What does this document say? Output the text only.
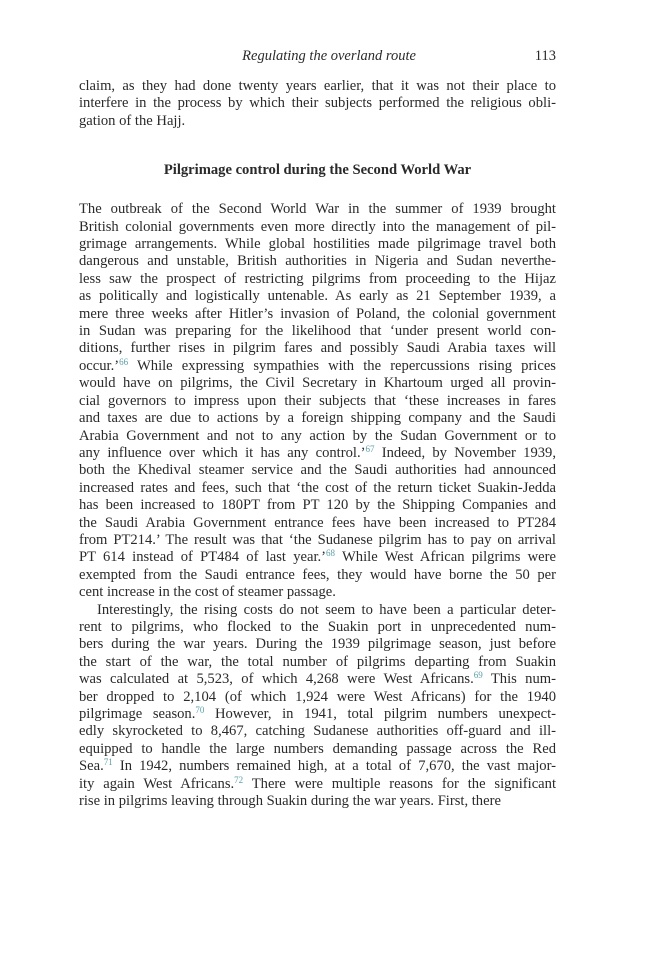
Regulating the overland route	113

claim, as they had done twenty years earlier, that it was not their place to
interfere in the process by which their subjects performed the religious obli-
gation of the Hajj.

Pilgrimage control during the Second World War

The outbreak of the Second World War in the summer of 1939 brought
British colonial governments even more directly into the management of pil-
grimage arrangements. While global hostilities made pilgrimage travel both
dangerous and unstable, British authorities in Nigeria and Sudan neverthe-
less saw the prospect of restricting pilgrims from proceeding to the Hijaz
as politically and logistically untenable. As early as 21 September 1939, a
mere three weeks after Hitler’s invasion of Poland, the colonial government
in Sudan was preparing for the likelihood that ‘under present world con-
ditions, further rises in pilgrim fares and possibly Saudi Arabia taxes will
occur.’$^{66}$ While expressing sympathies with the repercussions rising prices
would have on pilgrims, the Civil Secretary in Khartoum urged all provin-
cial governors to impress upon their subjects that ‘these increases in fares
and taxes are due to actions by a foreign shipping company and the Saudi
Arabia Government and not to any action by the Sudan Government or to
any influence over which it has any control.’$^{67}$ Indeed, by November 1939,
both the Khedival steamer service and the Saudi authorities had announced
increased rates and fees, such that ‘the cost of the return ticket Suakin-Jedda
has been increased to 180PT from PT 120 by the Shipping Companies and
the Saudi Arabia Government entrance fees have been increased to PT284
from PT214.’ The result was that ‘the Sudanese pilgrim has to pay on arrival
PT 614 instead of PT484 of last year.’$^{68}$ While West African pilgrims were
exempted from the Saudi entrance fees, they would have borne the 50 per
cent increase in the cost of steamer passage.

Interestingly, the rising costs do not seem to have been a particular deter-
rent to pilgrims, who flocked to the Suakin port in unprecedented num-
bers during the war years. During the 1939 pilgrimage season, just before
the start of the war, the total number of pilgrims departing from Suakin
was calculated at 5,523, of which 4,268 were West Africans.$^{69}$ This num-
ber dropped to 2,104 (of which 1,924 were West Africans) for the 1940
pilgrimage season.$^{70}$ However, in 1941, total pilgrim numbers unexpect-
edly skyrocketed to 8,467, catching Sudanese authorities off-guard and ill-
equipped to handle the large numbers demanding passage across the Red
Sea.$^{71}$ In 1942, numbers remained high, at a total of 7,670, the vast major-
ity again West Africans.$^{72}$ There were multiple reasons for the significant
rise in pilgrims leaving through Suakin during the war years. First, there
